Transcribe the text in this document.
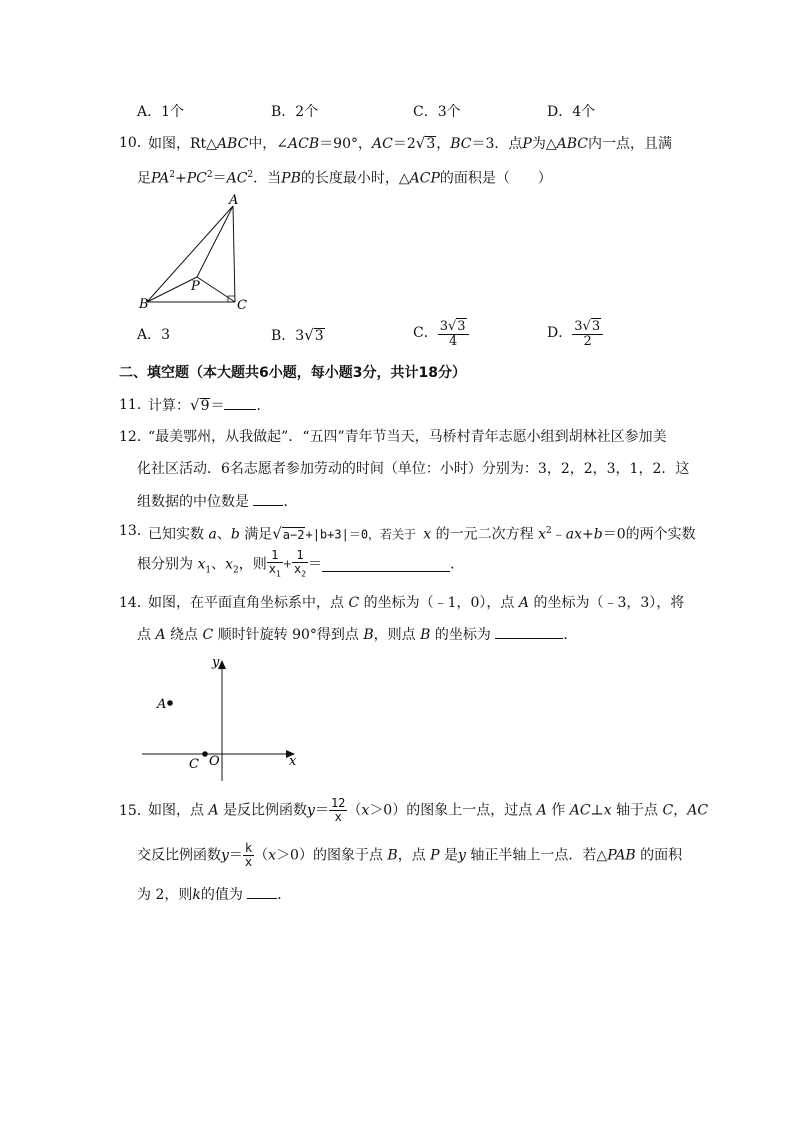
A．1个	B．2个	C．3个	D．4个
10．
如图，Rt△ABC中，∠ACB＝90°，AC＝2√3，BC＝3．点P为△ABC内一点，且满
足$PA^2+PC^2=AC^2$．当PB的长度最小时，△ACP的面积是（　　）
A
B	C
P
A．3	B．3√3	C． $\frac{3√3}{4}$	D． $\frac{3√3}{2}$
二、填空题（本大题共6小题，每小题3分，共计18分）
11．
计算：√9＝ ．
12．
“最美鄂州，从我做起”．“五四”青年节当天，马桥村青年志愿小组到胡林社区参加美
化社区活动．6名志愿者参加劳动的时间（单位：小时）分别为：3，2，2，3，1，2．这
组数据的中位数是 ．
13．
已知实数 a、b 满足√a−2+|b+3|＝0，若关于 x 的一元二次方程 $x^2﹣ax+b=0$的两个实数
根分别为 $x_1$、$x_2$，则 $\frac{1}{x_1} + \frac{1}{x_2}$ ＝	．
14．
如图，在平面直角坐标系中，点 C 的坐标为（﹣1，0），点 A 的坐标为（﹣3，3），将
点 A 绕点 C 顺时针旋转 90°得到点 B，则点 B 的坐标为	．
y
x
A
C O
15．
如图，点 A 是反比例函数$y= \frac{12}{x} (x>0)$的图象上一点，过点 A 作 AC⊥x 轴于点 C，AC
交反比例函数$y= \frac{k}{x} (x>0)$的图象于点 B，点 P 是y 轴正半轴上一点．若△PAB 的面积
为 2，则k的值为 ．
